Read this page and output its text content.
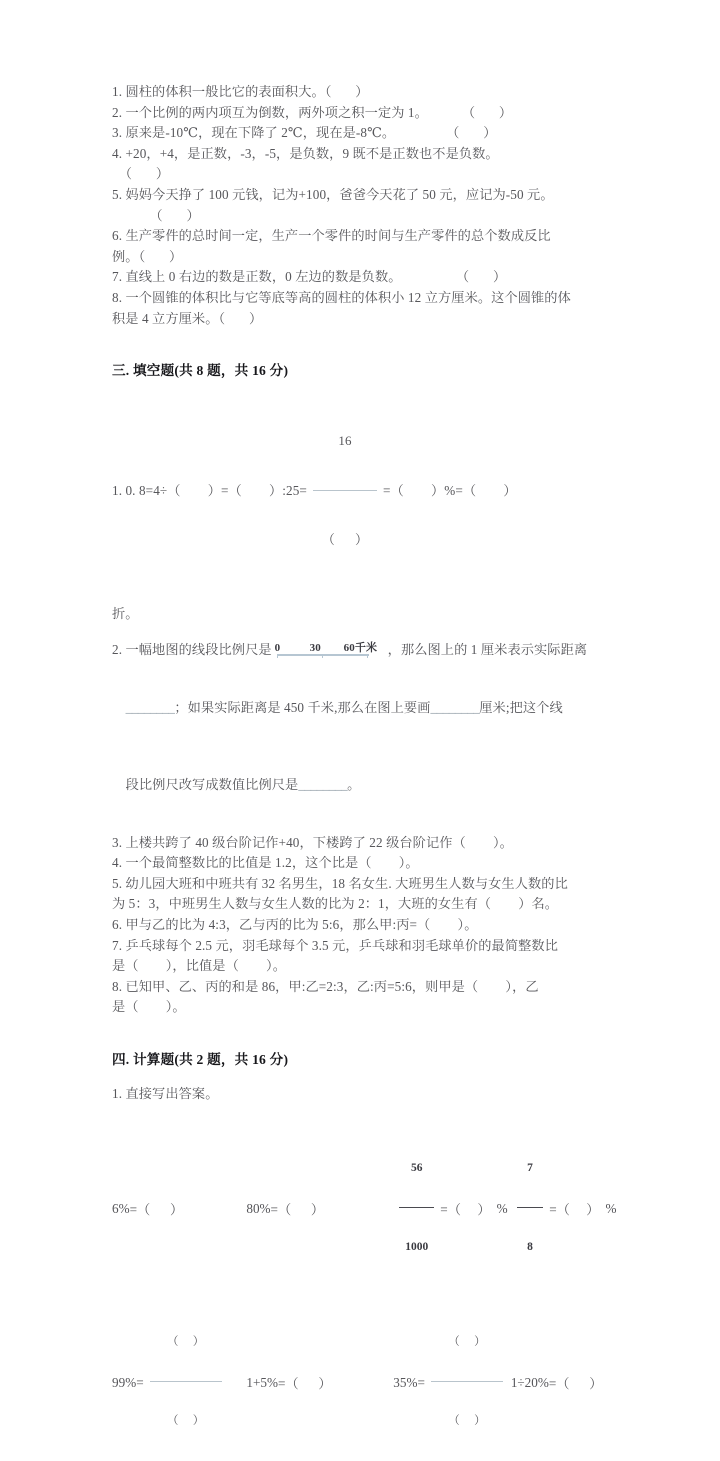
1. 圆柱的体积一般比它的表面积大。（       ）
2. 一个比例的两内项互为倒数，两外项之积一定为 1。          （       ）
3. 原来是-10℃，现在下降了 2℃，现在是-8℃。               （       ）
4. +20，+4，是正数，-3，-5，是负数，9 既不是正数也不是负数。
（       ）
5. 妈妈今天挣了 100 元钱，记为+100，爸爸今天花了 50 元，应记为-50 元。
（       ）
6. 生产零件的总时间一定，生产一个零件的时间与生产零件的总个数成反比
例。（       ）
7. 直线上 0 右边的数是正数，0 左边的数是负数。                （       ）
8. 一个圆锥的体积比与它等底等高的圆柱的体积小 12 立方厘米。这个圆锥的体
积是 4 立方厘米。（       ）
三. 填空题(共 8 题，共 16 分)
1. 0. 8=4÷（        ）=（        ）:25=

$\frac{16}{( )}$

=（        ）%=（        ）
折。
2. 一幅地图的线段比例尺是

0

	30

60千米

，那么图上的 1 厘米表示实际距离

________；如果实际距离是 450 千米,那么在图上要画________厘米;把这个线

段比例尺改写成数值比例尺是________。

3. 上楼共跨了 40 级台阶记作+40，下楼跨了 22 级台阶记作（        ）。
4. 一个最简整数比的比值是 1.2，这个比是（        ）。
5. 幼儿园大班和中班共有 32 名男生，18 名女生. 大班男生人数与女生人数的比
为 5：3，中班男生人数与女生人数的比为 2：1，大班的女生有（        ）名。
6. 甲与乙的比为 4:3，乙与丙的比为 5:6，那么甲:丙=（        ）。
7. 乒乓球每个 2.5 元，羽毛球每个 3.5 元，乒乓球和羽毛球单价的最简整数比
是（        ），比值是（        ）。
8. 已知甲、乙、丙的和是 86，甲:乙=2:3，乙:丙=5:6，则甲是（        ），乙
是（        ）。
四. 计算题(共 2 题，共 16 分)
1. 直接写出答案。
6% =（      ）	80% =（      ）

	$\frac{56}{1000}$

=（     ） %

$\frac{7}{8}$

=（     ） %
99% =

$\frac{( )}{( )}$

1+5% =（      ）	35% =

$\frac{( )}{( )}$

1÷20% =（      ）
